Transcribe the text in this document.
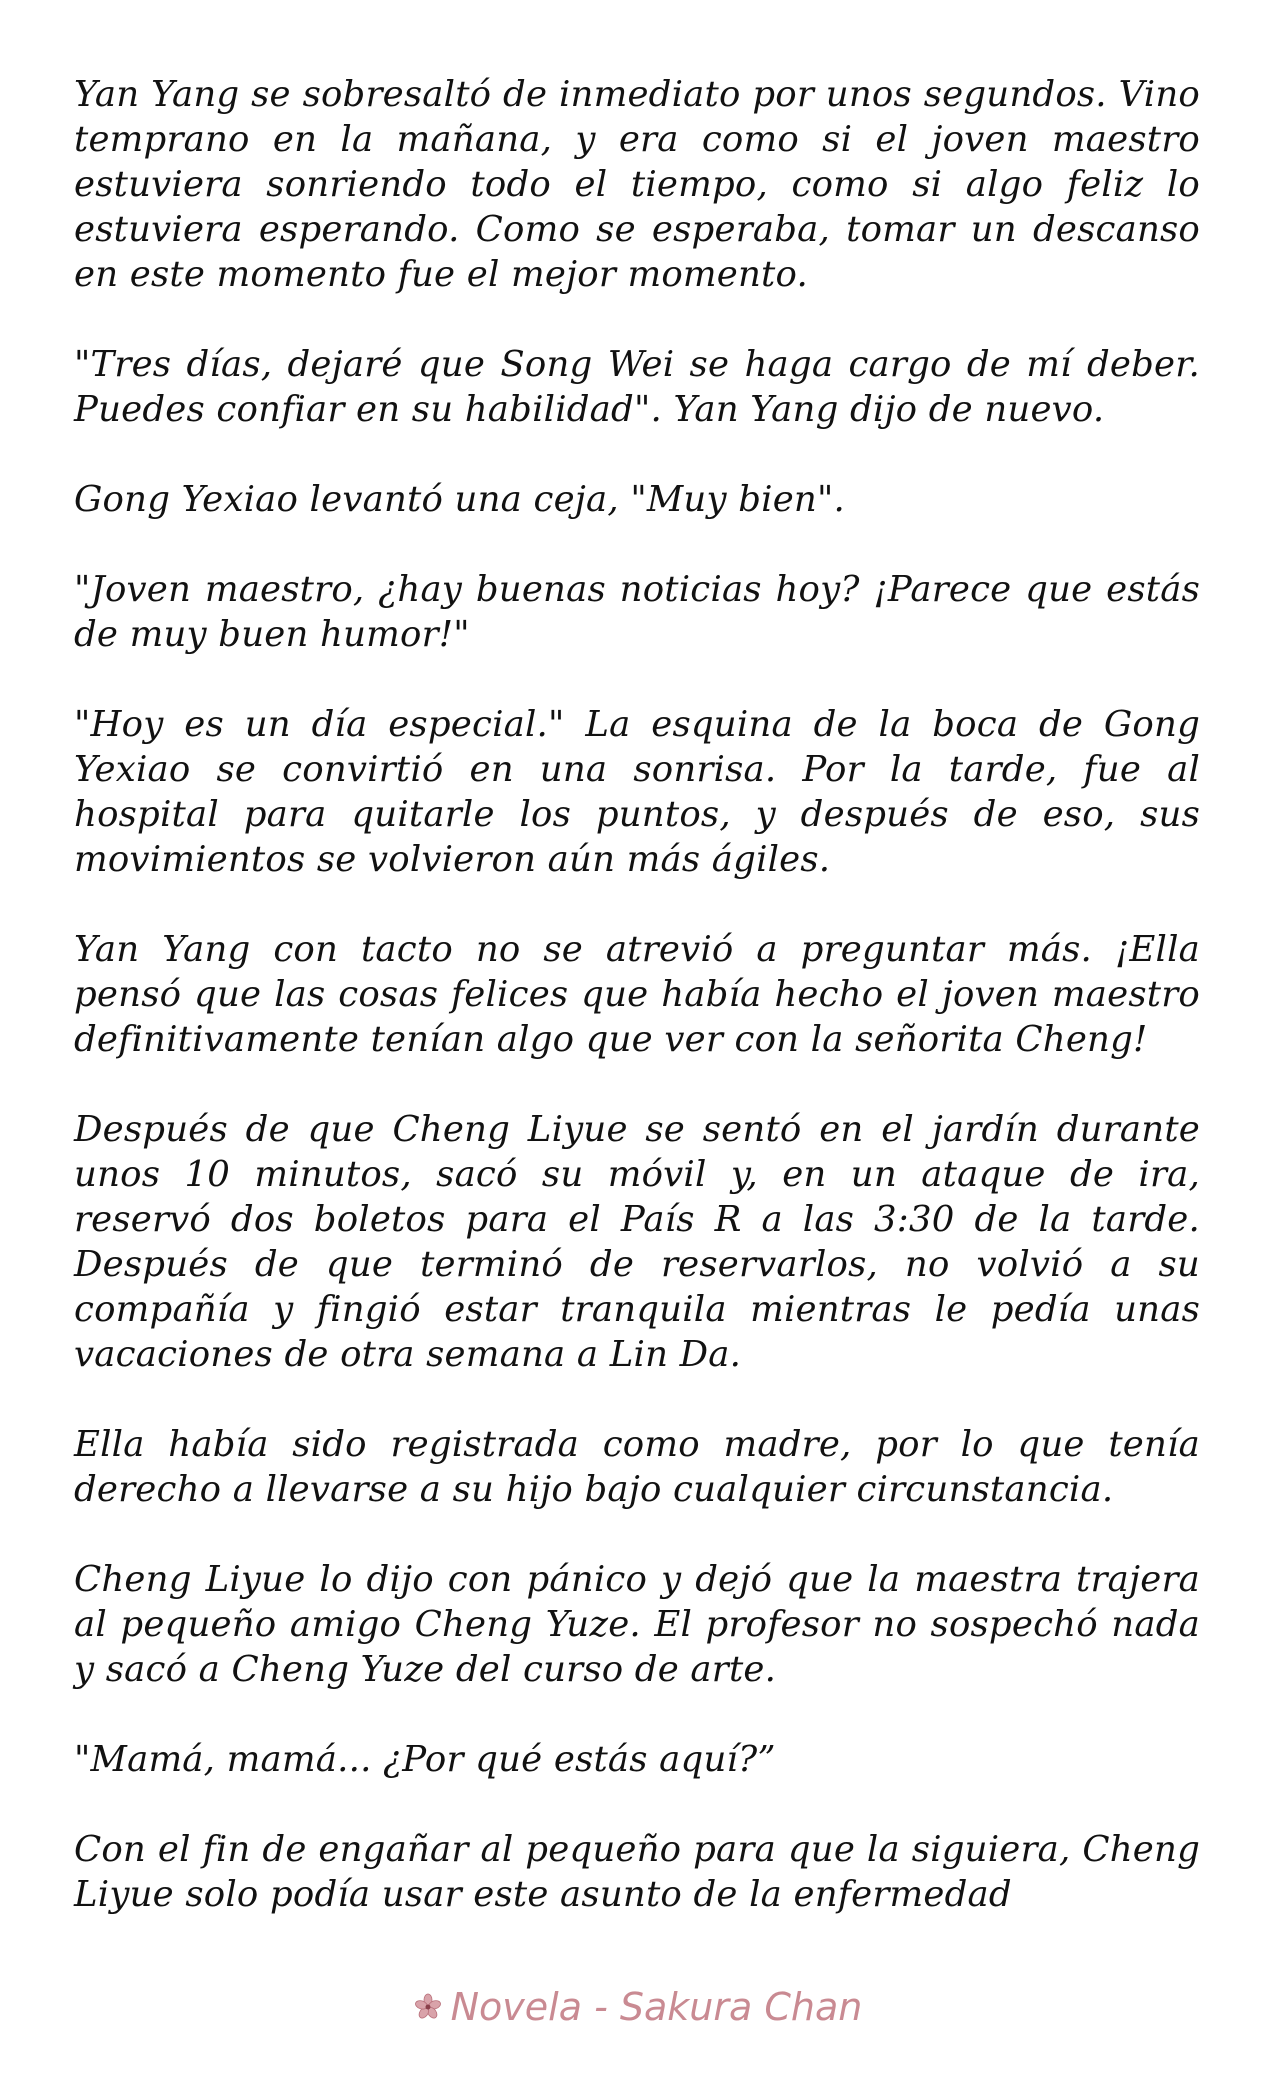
Yan Yang se sobresaltó de inmediato por unos segundos. Vino temprano en la mañana, y era como si el joven maestro estuviera sonriendo todo el tiempo, como si algo feliz lo estuviera esperando. Como se esperaba, tomar un descanso en este momento fue el mejor momento.

"Tres días, dejaré que Song Wei se haga cargo de mí deber. Puedes confiar en su habilidad". Yan Yang dijo de nuevo.

Gong Yexiao levantó una ceja, "Muy bien".

"Joven maestro, ¿hay buenas noticias hoy? ¡Parece que estás de muy buen humor!"

"Hoy es un día especial." La esquina de la boca de Gong Yexiao se convirtió en una sonrisa. Por la tarde, fue al hospital para quitarle los puntos, y después de eso, sus movimientos se volvieron aún más ágiles.

Yan Yang con tacto no se atrevió a preguntar más. ¡Ella pensó que las cosas felices que había hecho el joven maestro definitivamente tenían algo que ver con la señorita Cheng!

Después de que Cheng Liyue se sentó en el jardín durante unos 10 minutos, sacó su móvil y, en un ataque de ira, reservó dos boletos para el País R a las 3:30 de la tarde. Después de que terminó de reservarlos, no volvió a su compañía y fingió estar tranquila mientras le pedía unas vacaciones de otra semana a Lin Da.

Ella había sido registrada como madre, por lo que tenía derecho a llevarse a su hijo bajo cualquier circunstancia.

Cheng Liyue lo dijo con pánico y dejó que la maestra trajera al pequeño amigo Cheng Yuze. El profesor no sospechó nada y sacó a Cheng Yuze del curso de arte.

"Mamá, mamá... ¿Por qué estás aquí?”

Con el fin de engañar al pequeño para que la siguiera, Cheng Liyue solo podía usar este asunto de la enfermedad

Novela - Sakura Chan
